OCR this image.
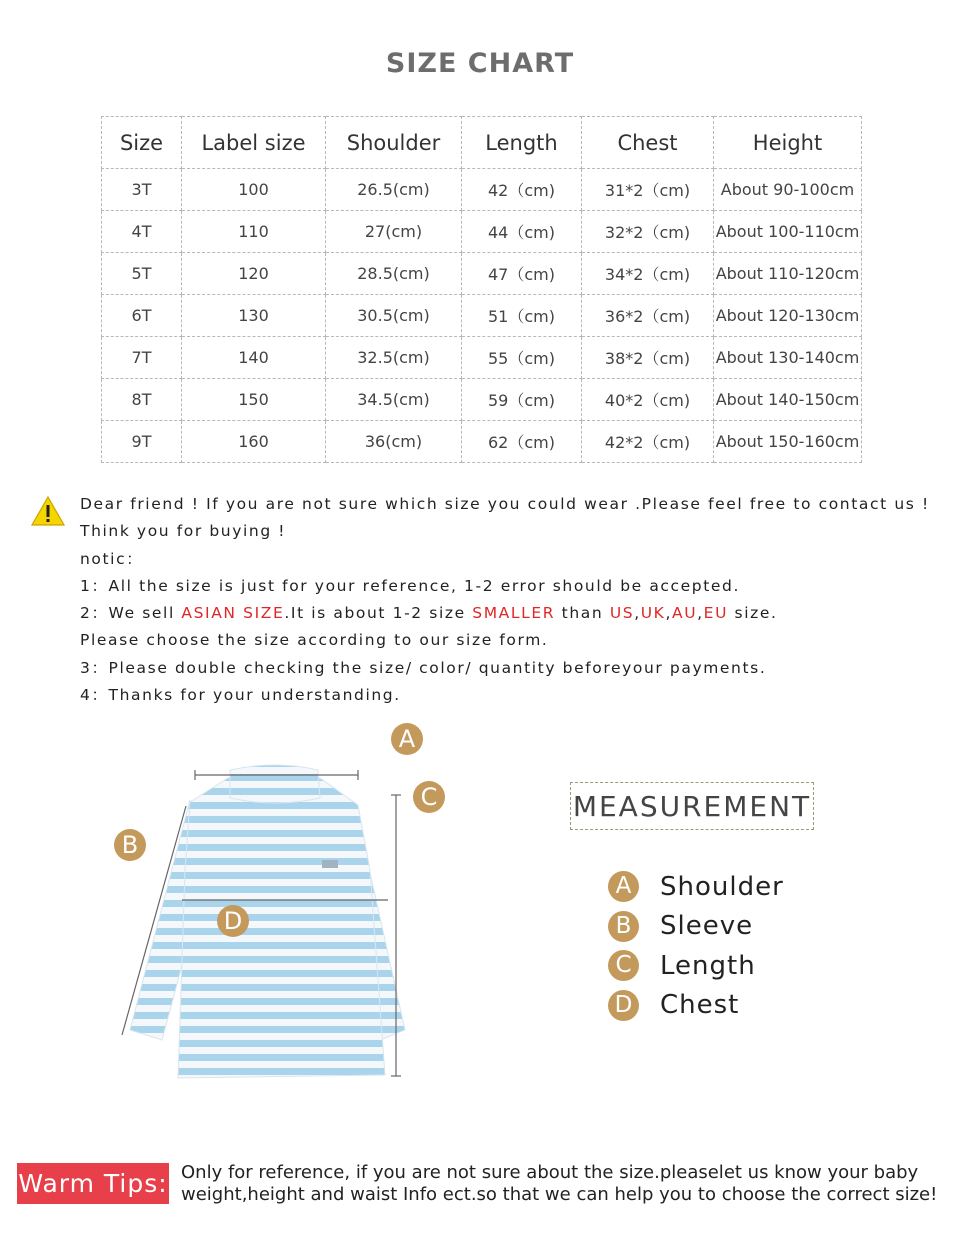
SIZE CHART
Size	Label size	Shoulder	Length	Chest	Height
3T	100	26.5(cm)	42（cm)	31*2（cm)	About 90-100cm
4T	110	27(cm)	44（cm)	32*2（cm)	About 100-110cm
5T	120	28.5(cm)	47（cm)	34*2（cm)	About 110-120cm
6T	130	30.5(cm)	51（cm)	36*2（cm)	About 120-130cm
7T	140	32.5(cm)	55（cm)	38*2（cm)	About 130-140cm
8T	150	34.5(cm)	59（cm)	40*2（cm)	About 140-150cm
9T	160	36(cm)	62（cm)	42*2（cm)	About 150-160cm
Dear friend ! If you are not sure which size you could wear .Please feel free to contact us !
Think you for buying !
notic：
1：All the size is just for your reference, 1-2 error should be accepted.
2：We sell ASIAN SIZE.It is about 1-2 size SMALLER than US,UK,AU,EU size.
Please choose the size according to our size form.
3：Please double checking the size/ color/ quantity beforeyour payments.
4：Thanks for your understanding.
A
C
B
D
MEASUREMENT
A Shoulder
B Sleeve
C Length
D Chest
Warm Tips: Only for reference, if you are not sure about the size.pleaselet us know your baby
weight,height and waist Info ect.so that we can help you to choose the correct size!
